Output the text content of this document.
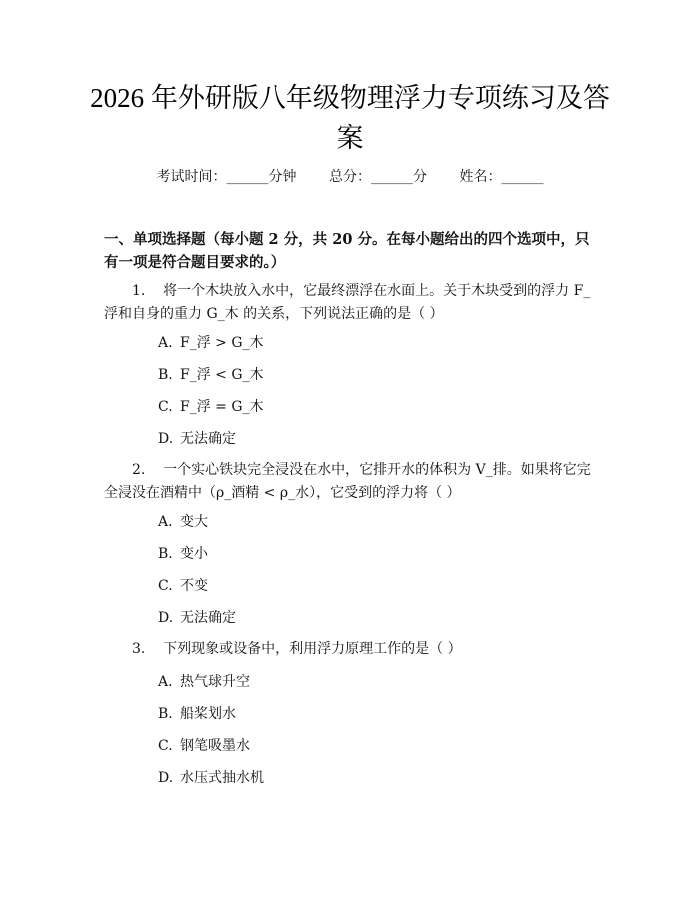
2026 年外研版八年级物理浮力专项练习及答案
考试时间：______分钟 总分：______分 姓名：______
一、单项选择题（每小题 2 分，共 20 分。在每小题给出的四个选项中，只有一项是符合题目要求的。）
1. 将一个木块放入水中，它最终漂浮在水面上。关于木块受到的浮力 F_浮和自身的重力 G_木 的关系，下列说法正确的是（ ）
A. F_浮 > G_木
B. F_浮 < G_木
C. F_浮 = G_木
D. 无法确定
2. 一个实心铁块完全浸没在水中，它排开水的体积为 V_排。如果将它完全浸没在酒精中（ρ_酒精 < ρ_水），它受到的浮力将（ ）
A. 变大
B. 变小
C. 不变
D. 无法确定
3. 下列现象或设备中，利用浮力原理工作的是（ ）
A. 热气球升空
B. 船桨划水
C. 钢笔吸墨水
D. 水压式抽水机
